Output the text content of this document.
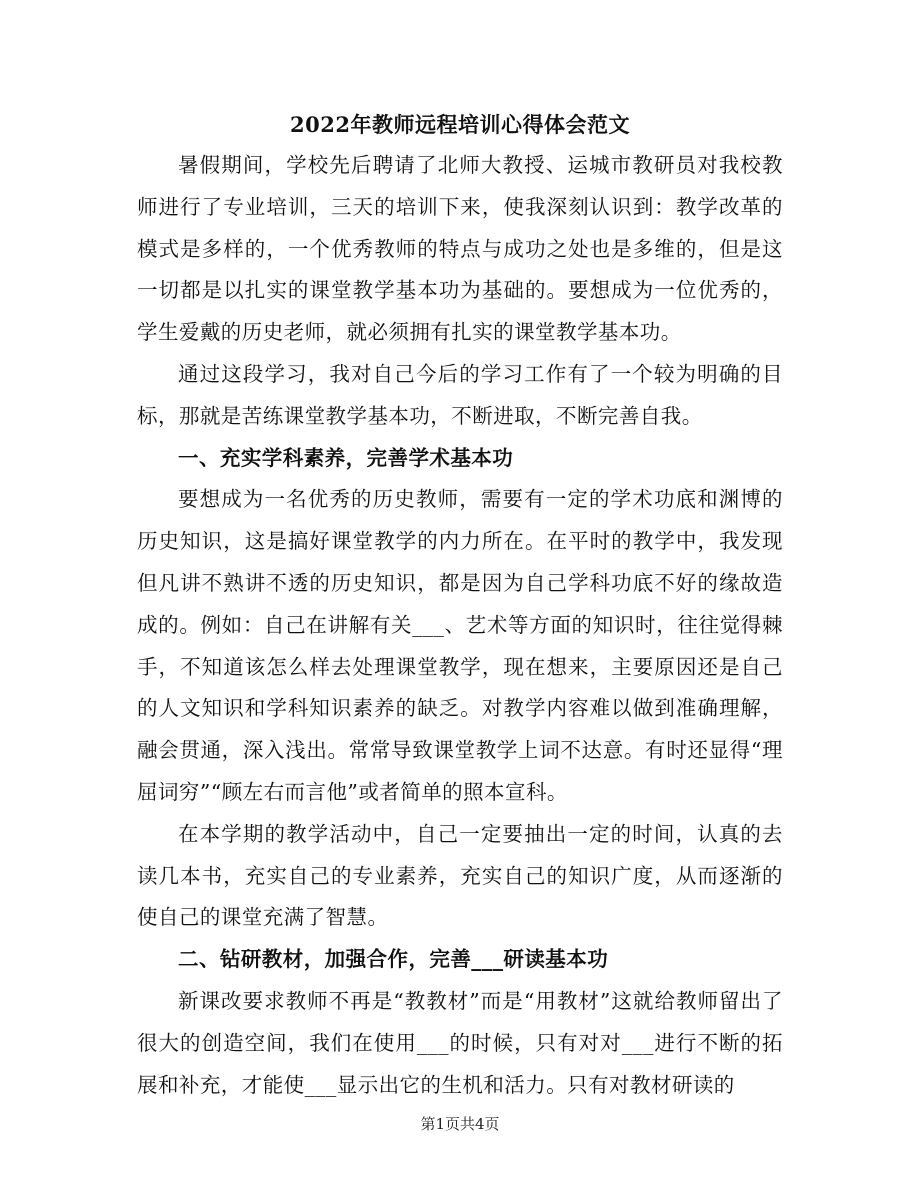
2022年教师远程培训心得体会范文

暑假期间，学校先后聘请了北师大教授、运城市教研员对我校教师进行了专业培训，三天的培训下来，使我深刻认识到：教学改革的模式是多样的，一个优秀教师的特点与成功之处也是多维的，但是这一切都是以扎实的课堂教学基本功为基础的。要想成为一位优秀的，学生爱戴的历史老师，就必须拥有扎实的课堂教学基本功。

通过这段学习，我对自己今后的学习工作有了一个较为明确的目标，那就是苦练课堂教学基本功，不断进取，不断完善自我。

一、充实学科素养，完善学术基本功

要想成为一名优秀的历史教师，需要有一定的学术功底和渊博的历史知识，这是搞好课堂教学的内力所在。在平时的教学中，我发现但凡讲不熟讲不透的历史知识，都是因为自己学科功底不好的缘故造成的。例如：自己在讲解有关___、艺术等方面的知识时，往往觉得棘手，不知道该怎么样去处理课堂教学，现在想来，主要原因还是自己的人文知识和学科知识素养的缺乏。对教学内容难以做到准确理解，融会贯通，深入浅出。常常导致课堂教学上词不达意。有时还显得“理屈词穷”“顾左右而言他”或者简单的照本宣科。

在本学期的教学活动中，自己一定要抽出一定的时间，认真的去读几本书，充实自己的专业素养，充实自己的知识广度，从而逐渐的使自己的课堂充满了智慧。

二、钻研教材，加强合作，完善___研读基本功

新课改要求教师不再是“教教材”而是“用教材”这就给教师留出了很大的创造空间，我们在使用___的时候，只有对对___进行不断的拓展和补充，才能使___显示出它的生机和活力。只有对教材研读的

第1页共4页
